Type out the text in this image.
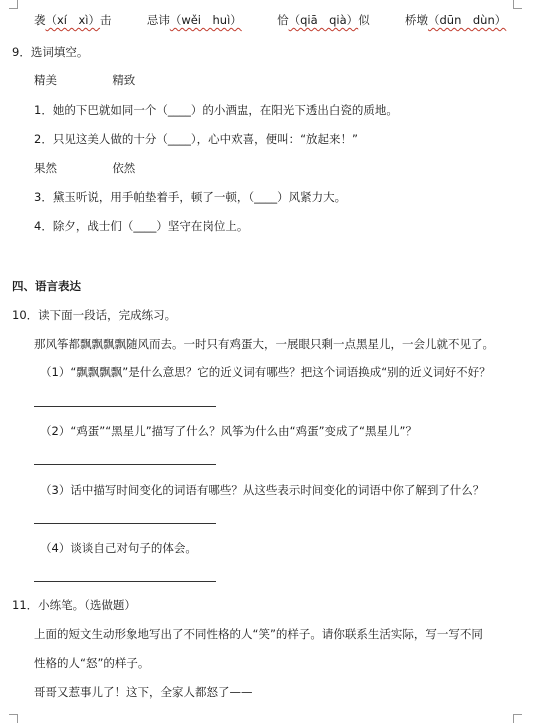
袭（xí　xì）击	忌讳（wěi　huì）	恰（qiā　qià）似	桥墩（dūn　dùn）
9．选词填空。
精美	精致
1．她的下巴就如同一个（____）的小酒盅，在阳光下透出白瓷的质地。
2．只见这美人做的十分（____），心中欢喜，便叫：“放起来！”
果然	依然
3．黛玉听说，用手帕垫着手，顿了一顿，（____）风紧力大。
4．除夕，战士们（____）坚守在岗位上。
四、语言表达
10．读下面一段话，完成练习。
那风筝都飘飘飘飘随风而去。一时只有鸡蛋大，一展眼只剩一点黑星儿，一会儿就不见了。
（1）“飘飘飘飘”是什么意思？它的近义词有哪些？把这个词语换成“别的近义词好不好？
（2）“鸡蛋”“黑星儿”描写了什么？风筝为什么由“鸡蛋”变成了“黑星儿”？
（3）话中描写时间变化的词语有哪些？从这些表示时间变化的词语中你了解到了什么？
（4）谈谈自己对句子的体会。
11．小练笔。（选做题）
上面的短文生动形象地写出了不同性格的人“笑”的样子。请你联系生活实际，写一写不同
性格的人“怒”的样子。
哥哥又惹事儿了！这下，全家人都怒了——
